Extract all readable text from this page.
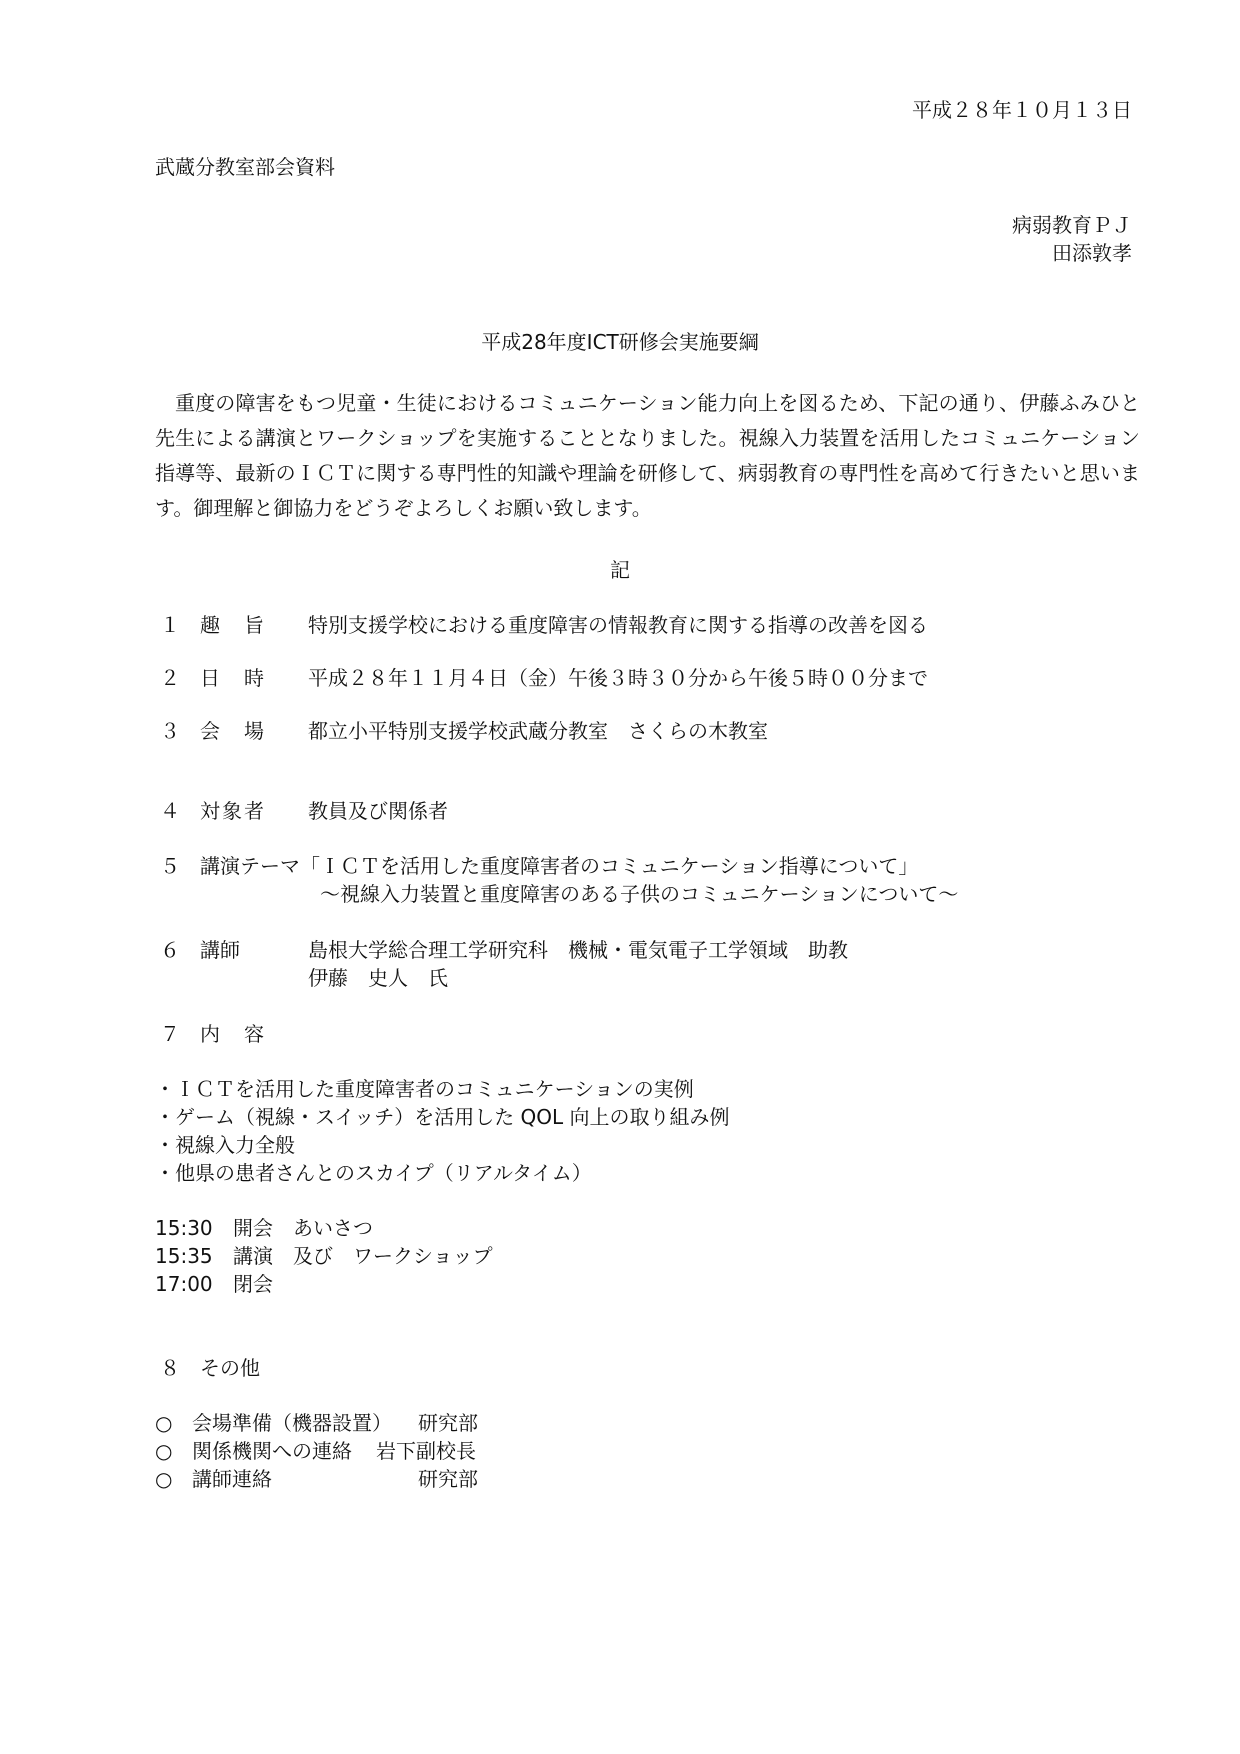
平成２８年１０月１３日
武蔵分教室部会資料
病弱教育ＰＪ
田添敦孝
平成28年度ICT研修会実施要綱
重度の障害をもつ児童・生徒におけるコミュニケーション能力向上を図るため、下記の通り、伊藤ふみひと先生による講演とワークショップを実施することとなりました。視線入力装置を活用したコミュニケーション指導等、最新のＩＣＴに関する専門性的知識や理論を研修して、病弱教育の専門性を高めて行きたいと思います。御理解と御協力をどうぞよろしくお願い致します。
記
１ 趣　旨 特別支援学校における重度障害の情報教育に関する指導の改善を図る
２ 日　時 平成２８年１１月４日（金）午後３時３０分から午後５時００分まで
３ 会　場 都立小平特別支援学校武蔵分教室　さくらの木教室
４ 対象者 教員及び関係者
５ 講演テーマ 「ＩＣＴを活用した重度障害者のコミュニケーション指導について」
～視線入力装置と重度障害のある子供のコミュニケーションについて～
６ 講師	島根大学総合理工学研究科　機械・電気電子工学領域　助教
伊藤　史人　氏
７ 内　容
・ＩＣＴを活用した重度障害者のコミュニケーションの実例
・ゲーム（視線・スイッチ）を活用した QOL 向上の取り組み例
・視線入力全般
・他県の患者さんとのスカイプ（リアルタイム）
15:30	開会　あいさつ
15:35	講演　及び　ワークショップ
17:00	閉会
８ その他
○ 会場準備（機器設置） 研究部
○ 関係機関への連絡 岩下副校長
○ 講師連絡	研究部
